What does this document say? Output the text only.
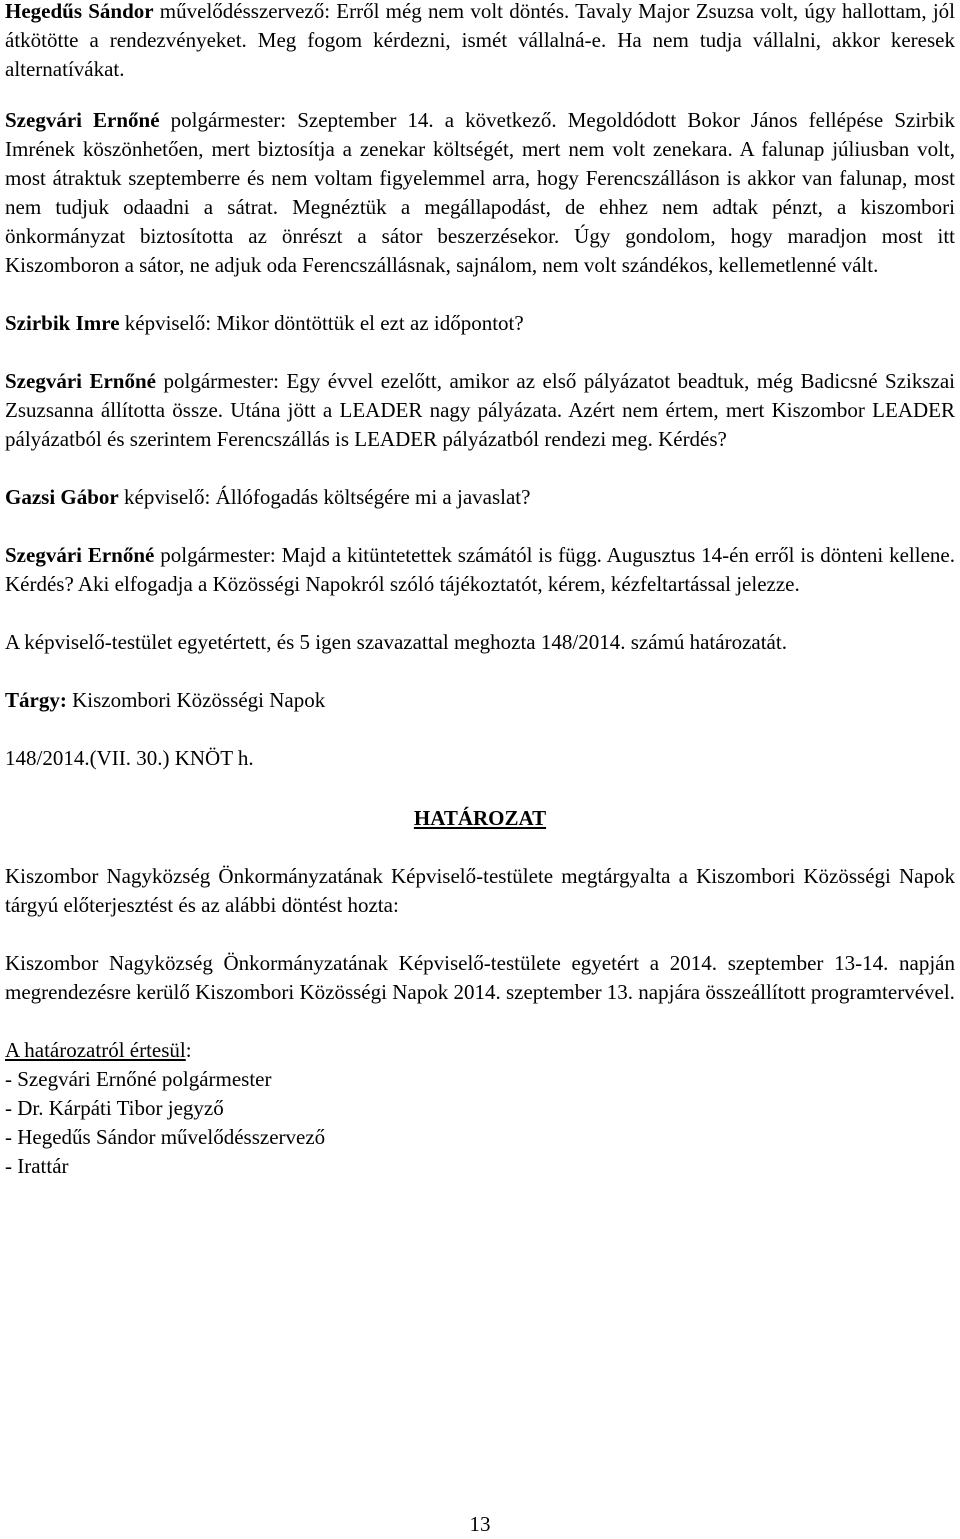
Hegedűs Sándor művelődésszervező: Erről még nem volt döntés. Tavaly Major Zsuzsa volt, úgy hallottam, jól átkötötte a rendezvényeket. Meg fogom kérdezni, ismét vállalná-e. Ha nem tudja vállalni, akkor keresek alternatívákat.

Szegvári Ernőné polgármester: Szeptember 14. a következő. Megoldódott Bokor János fellépése Szirbik Imrének köszönhetően, mert biztosítja a zenekar költségét, mert nem volt zenekara. A falunap júliusban volt, most átraktuk szeptemberre és nem voltam figyelemmel arra, hogy Ferencszálláson is akkor van falunap, most nem tudjuk odaadni a sátrat. Megnéztük a megállapodást, de ehhez nem adtak pénzt, a kiszombori önkormányzat biztosította az önrészt a sátor beszerzésekor. Úgy gondolom, hogy maradjon most itt Kiszomboron a sátor, ne adjuk oda Ferencszállásnak, sajnálom, nem volt szándékos, kellemetlenné vált.

Szirbik Imre képviselő: Mikor döntöttük el ezt az időpontot?

Szegvári Ernőné polgármester: Egy évvel ezelőtt, amikor az első pályázatot beadtuk, még Badicsné Szikszai Zsuzsanna állította össze. Utána jött a LEADER nagy pályázata. Azért nem értem, mert Kiszombor LEADER pályázatból és szerintem Ferencszállás is LEADER pályázatból rendezi meg. Kérdés?

Gazsi Gábor képviselő: Állófogadás költségére mi a javaslat?

Szegvári Ernőné polgármester: Majd a kitüntetettek számától is függ. Augusztus 14-én erről is dönteni kellene. Kérdés? Aki elfogadja a Közösségi Napokról szóló tájékoztatót, kérem, kézfeltartással jelezze.

A képviselő-testület egyetértett, és 5 igen szavazattal meghozta 148/2014. számú határozatát.

Tárgy: Kiszombori Közösségi Napok

148/2014.(VII. 30.) KNÖT h.

HATÁROZAT

Kiszombor Nagyközség Önkormányzatának Képviselő-testülete megtárgyalta a Kiszombori Közösségi Napok tárgyú előterjesztést és az alábbi döntést hozta:

Kiszombor Nagyközség Önkormányzatának Képviselő-testülete egyetért a 2014. szeptember 13-14. napján megrendezésre kerülő Kiszombori Közösségi Napok 2014. szeptember 13. napjára összeállított programtervével.

A határozatról értesül:

- Szegvári Ernőné polgármester

- Dr. Kárpáti Tibor jegyző

- Hegedűs Sándor művelődésszervező

- Irattár

13
